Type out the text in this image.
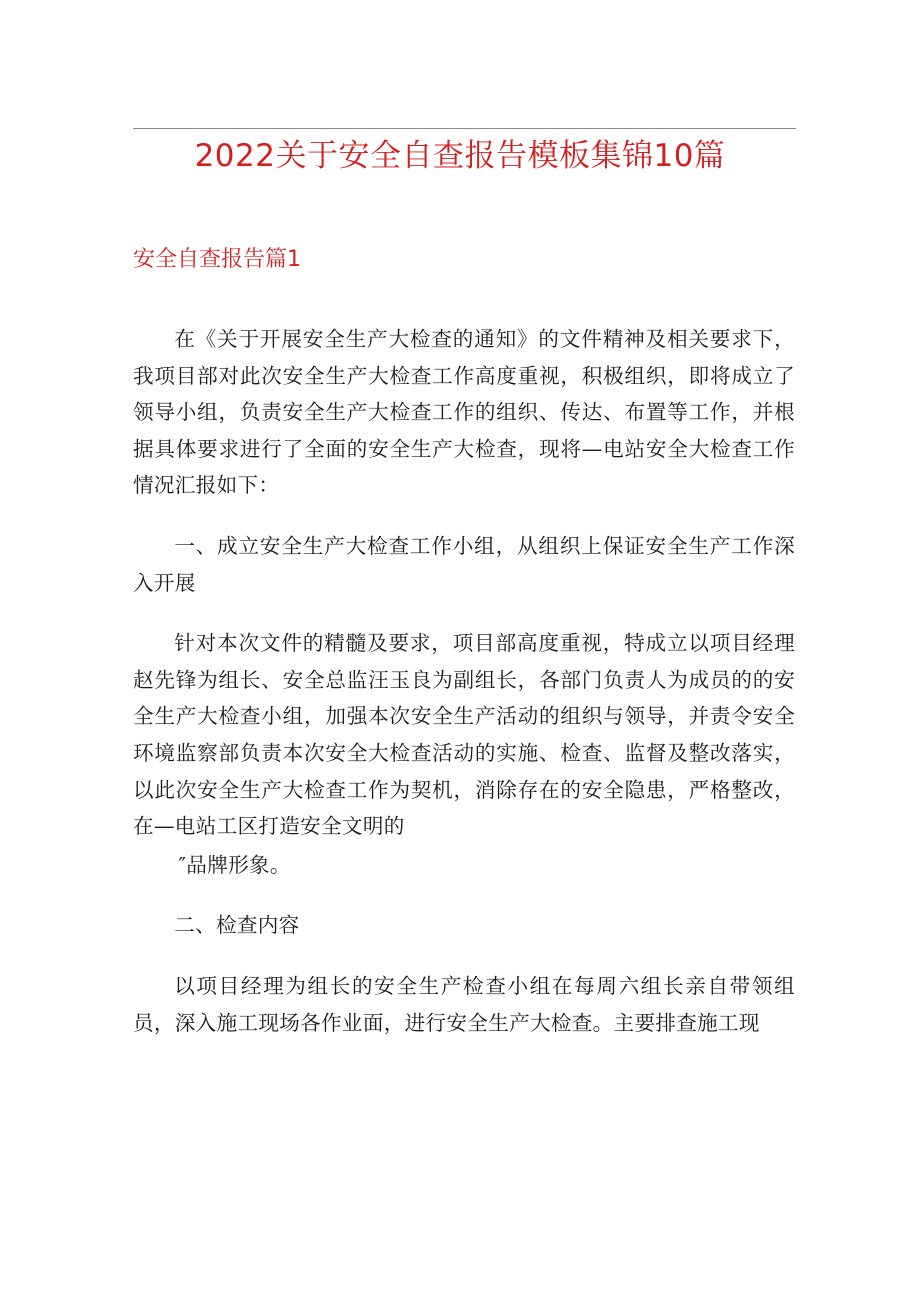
2022关于安全自查报告模板集锦10篇
安全自查报告篇1

在《关于开展安全生产大检查的通知》的文件精神及相关要求下，我项目部对此次安全生产大检查工作高度重视，积极组织，即将成立了领导小组，负责安全生产大检查工作的组织、传达、布置等工作，并根据具体要求进行了全面的安全生产大检查，现将—电站安全大检查工作情况汇报如下：

一、成立安全生产大检查工作小组，从组织上保证安全生产工作深入开展

针对本次文件的精髓及要求，项目部高度重视，特成立以项目经理赵先锋为组长、安全总监汪玉良为副组长，各部门负责人为成员的的安全生产大检查小组，加强本次安全生产活动的组织与领导，并责令安全环境监察部负责本次安全大检查活动的实施、检查、监督及整改落实，以此次安全生产大检查工作为契机，消除存在的安全隐患，严格整改，在—电站工区打造安全文明的

″品牌形象。

二、检查内容

以项目经理为组长的安全生产检查小组在每周六组长亲自带领组员，深入施工现场各作业面，进行安全生产大检查。主要排查施工现
